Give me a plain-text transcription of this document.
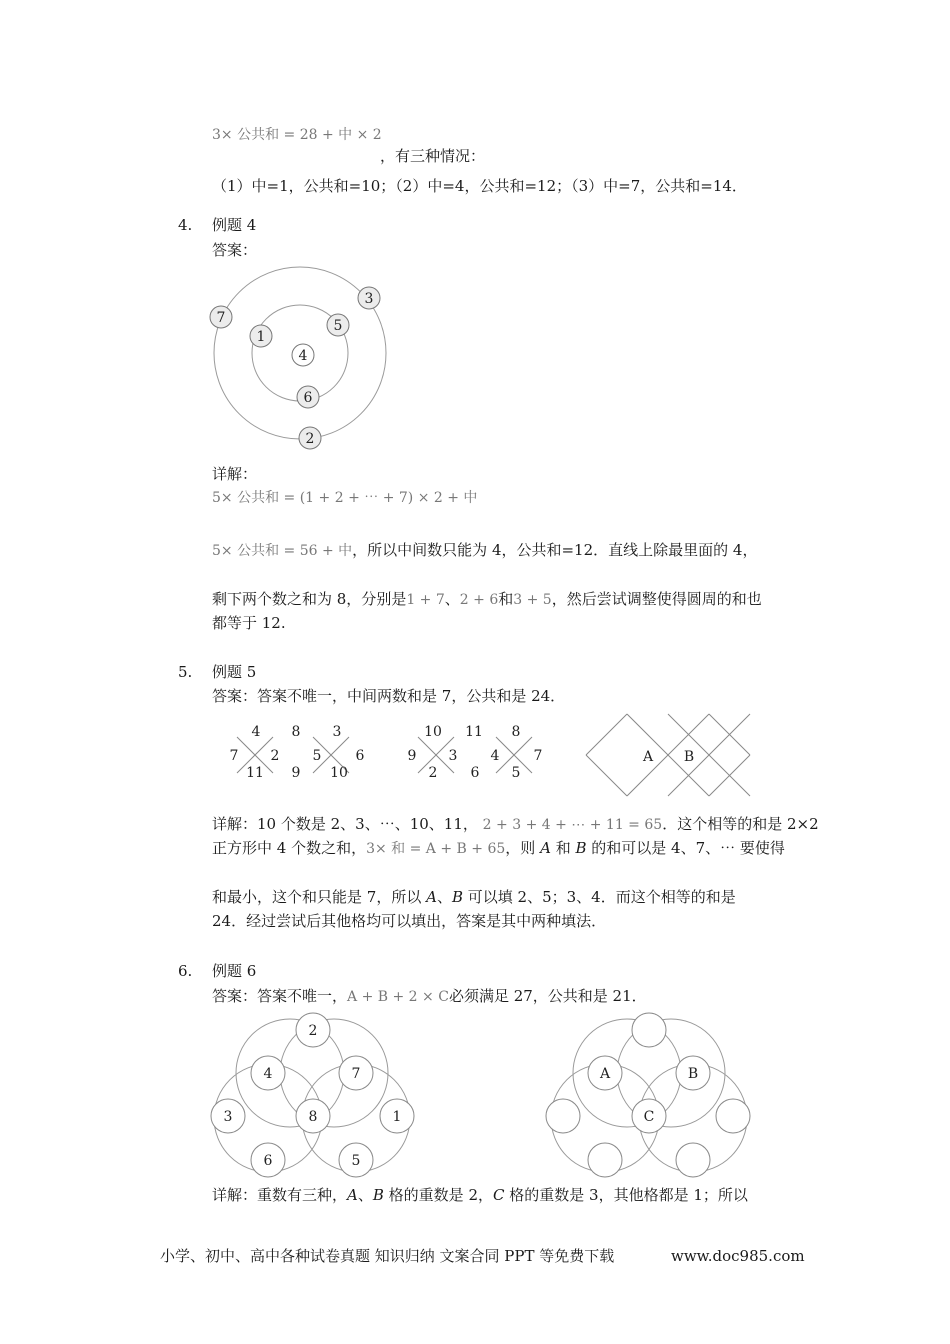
3× 公共和 = 28 + 中 × 2
，有三种情况：
（1）中=1，公共和=10；（2）中=4，公共和=12；（3）中=7，公共和=14．
4. 例题 4
答案：
7
3
2
1
5
6
4
4 8 3
7 2 5 6
11 9 10
10 11 8
9 3 4 7
2 6 5
A B
2
4	7
3	8	1
6	5
A	B
C
详解：
5× 公共和 = (1 + 2 + ⋯ + 7) × 2 + 中
5× 公共和 = 56 + 中，所以中间数只能为 4，公共和=12．直线上除最里面的 4，
剩下两个数之和为 8，分别是1 + 7、2 + 6和3 + 5，然后尝试调整使得圆周的和也
都等于 12.
5. 例题 5
答案：答案不唯一，中间两数和是 7，公共和是 24．
详解：10 个数是 2、3、⋯、10、11， 2 + 3 + 4 + ⋯ + 11 = 65．这个相等的和是 2×2
正方形中 4 个数之和，3× 和 = A + B + 65，则 A 和 B 的和可以是 4、7、⋯ 要使得
和最小，这个和只能是 7，所以 A、B 可以填 2、5；3、4．而这个相等的和是
24．经过尝试后其他格均可以填出，答案是其中两种填法．
6. 例题 6
答案：答案不唯一，A + B + 2 × C必须满足 27，公共和是 21．
详解：重数有三种，A、B 格的重数是 2，C 格的重数是 3，其他格都是 1；所以
小学、初中、高中各种试卷真题 知识归纳 文案合同 PPT 等免费下载	www.doc985.com
